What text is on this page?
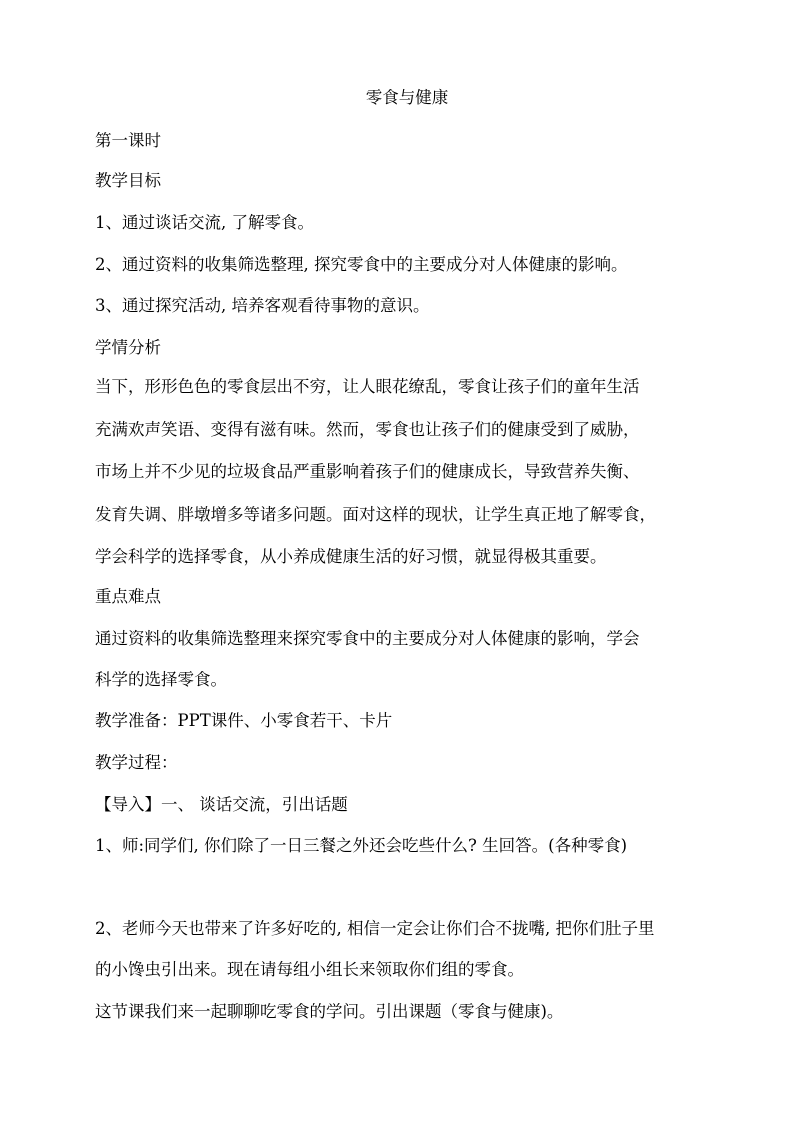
零食与健康
第一课时
教学目标
1、通过谈话交流, 了解零食。
2、通过资料的收集筛选整理, 探究零食中的主要成分对人体健康的影响。
3、通过探究活动, 培养客观看待事物的意识。
学情分析
当下，形形色色的零食层出不穷，让人眼花缭乱，零食让孩子们的童年生活
充满欢声笑语、变得有滋有味。然而，零食也让孩子们的健康受到了威胁，
市场上并不少见的垃圾食品严重影响着孩子们的健康成长，导致营养失衡、
发育失调、胖墩增多等诸多问题。面对这样的现状，让学生真正地了解零食，
学会科学的选择零食，从小养成健康生活的好习惯，就显得极其重要。
重点难点
通过资料的收集筛选整理来探究零食中的主要成分对人体健康的影响，学会
科学的选择零食。
教学准备：PPT课件、小零食若干、卡片
教学过程：
【导入】一、 谈话交流，引出话题
1、师:同学们, 你们除了一日三餐之外还会吃些什么? 生回答。(各种零食)
2、老师今天也带来了许多好吃的, 相信一定会让你们合不拢嘴, 把你们肚子里
的小馋虫引出来。现在请每组小组长来领取你们组的零食。
这节课我们来一起聊聊吃零食的学问。引出课题（零食与健康)。
